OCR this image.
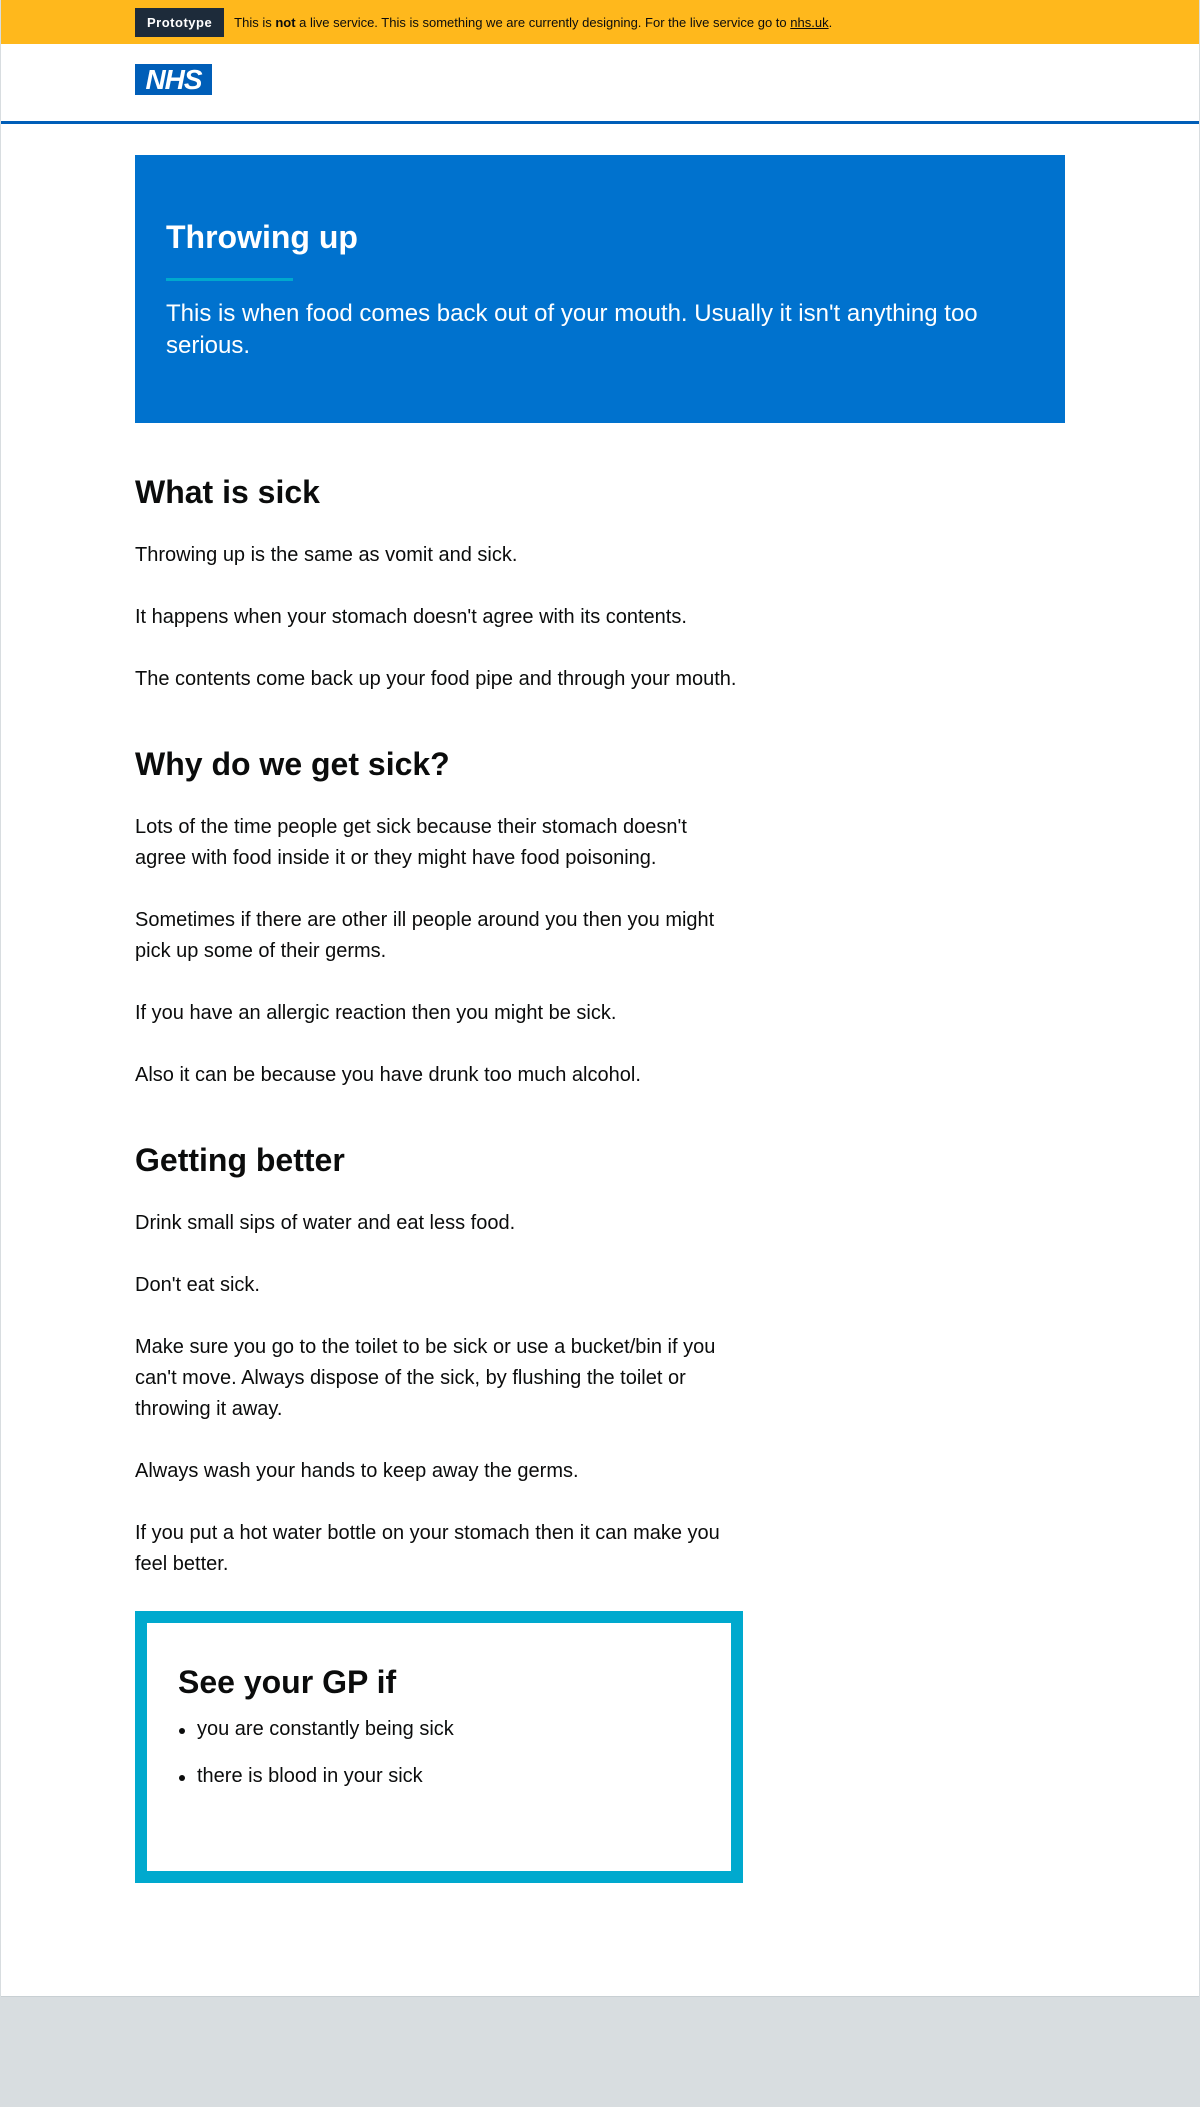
Prototype	This is not a live service. This is something we are currently designing. For the live service go to nhs.uk.
NHS
Throwing up

This is when food comes back out of your mouth. Usually it isn't anything too serious.

What is sick

Throwing up is the same as vomit and sick.

It happens when your stomach doesn't agree with its contents.

The contents come back up your food pipe and through your mouth.

Why do we get sick?

Lots of the time people get sick because their stomach doesn't agree with food inside it or they might have food poisoning.

Sometimes if there are other ill people around you then you might pick up some of their germs.

If you have an allergic reaction then you might be sick.

Also it can be because you have drunk too much alcohol.

Getting better

Drink small sips of water and eat less food.

Don't eat sick.

Make sure you go to the toilet to be sick or use a bucket/bin if you can't move. Always dispose of the sick, by flushing the toilet or throwing it away.

Always wash your hands to keep away the germs.

If you put a hot water bottle on your stomach then it can make you feel better.

See your GP if
you are constantly being sick
there is blood in your sick
